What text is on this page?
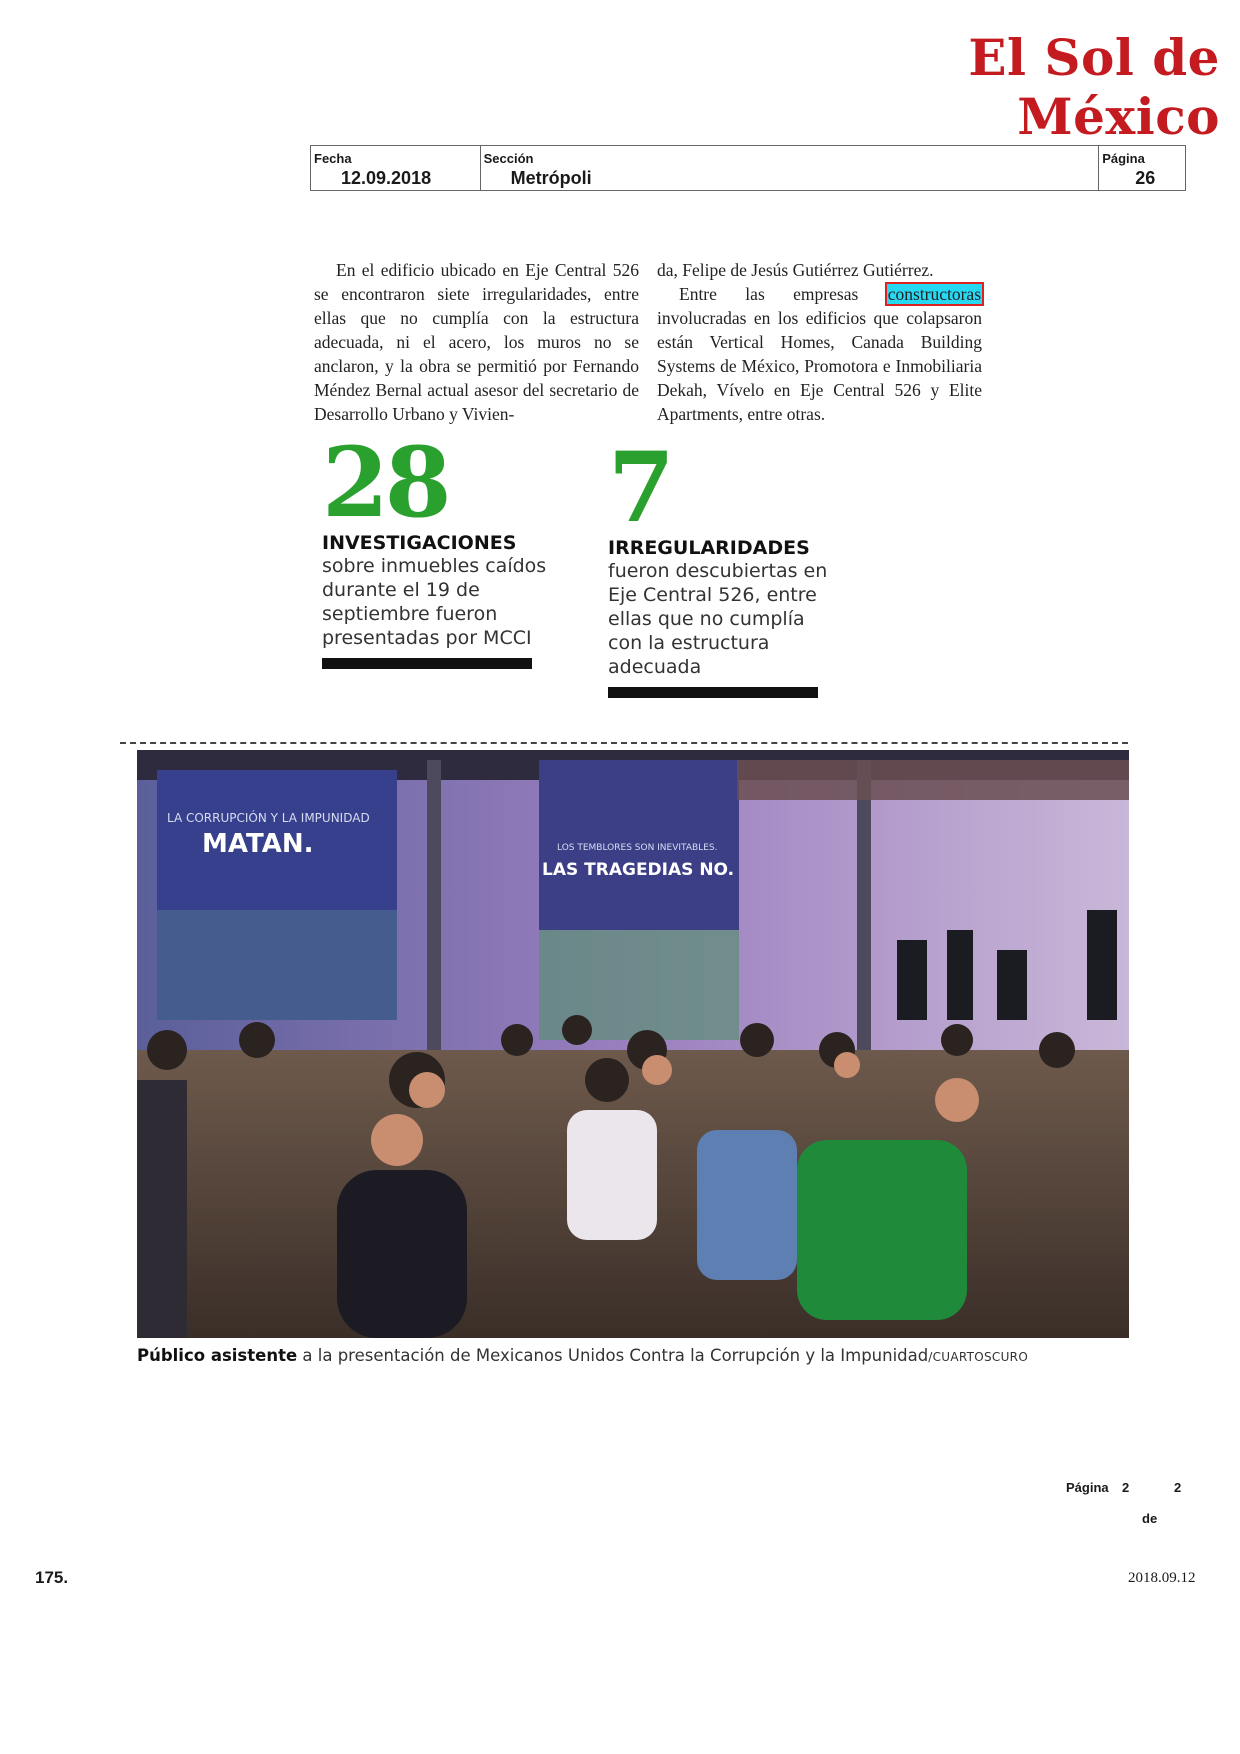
El Sol de México
Fecha
12.09.2018
Sección
Metrópoli
Página
26

En el edificio ubicado en Eje Central 526 se encontraron siete irregularidades, entre ellas que no cumplía con la estructura adecuada, ni el acero, los muros no se anclaron, y la obra se permitió por Fernando Méndez Bernal actual asesor del secretario de Desarrollo Urbano y Vivien-

da, Felipe de Jesús Gutiérrez Gutiérrez.

Entre las empresas constructoras involucradas en los edificios que colapsaron están Vertical Homes, Canada Building Systems de México, Promotora e Inmobiliaria Dekah, Vívelo en Eje Central 526 y Elite Apartments, entre otras.

28
INVESTIGACIONES
sobre inmuebles caídos durante el 19 de septiembre fueron presentadas por MCCI
7
IRREGULARIDADES
fueron descubiertas en Eje Central 526, entre ellas que no cumplía con la estructura adecuada
LA CORRUPCIÓN Y LA IMPUNIDAD
MATAN.	LOS TEMBLORES SON INEVITABLES.
LAS TRAGEDIAS NO.
Público asistente a la presentación de Mexicanos Unidos Contra la Corrupción y la Impunidad/CUARTOSCURO
Página 2	2
de
175.	2018.09.12
